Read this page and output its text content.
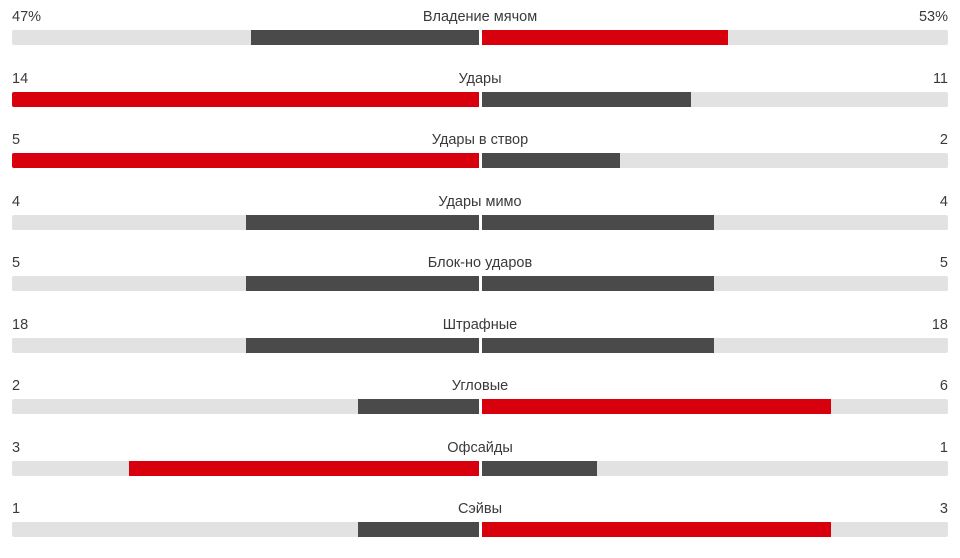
47%	Владение мячом	53%
14	Удары	11
5	Удары в створ	2
4	Удары мимо	4
5	Блок-но ударов	5
18	Штрафные	18
2	Угловые	6
3	Офсайды	1
1	Сэйвы	3
